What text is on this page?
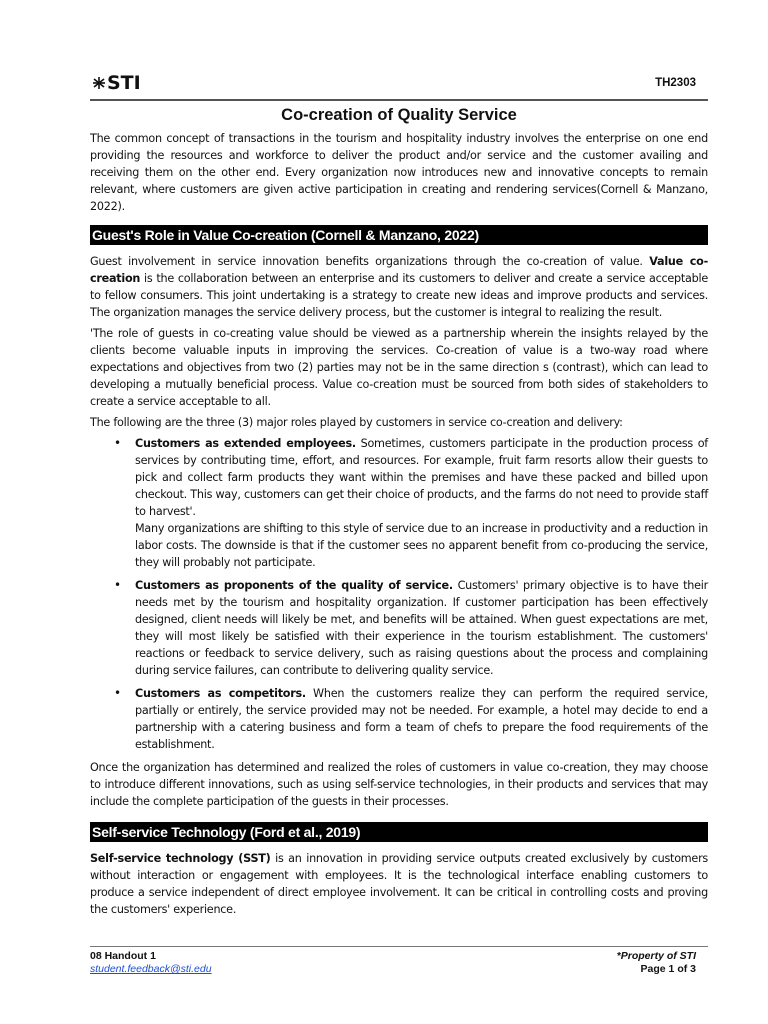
STI	TH2303
Co-creation of Quality Service

The common concept of transactions in the tourism and hospitality industry involves the enterprise on one end providing the resources and workforce to deliver the product and/or service and the customer availing and receiving them on the other end. Every organization now introduces new and innovative concepts to remain relevant, where customers are given active participation in creating and rendering services(Cornell & Manzano, 2022).

Guest's Role in Value Co-creation (Cornell & Manzano, 2022)

Guest involvement in service innovation benefits organizations through the co-creation of value. Value co-creation is the collaboration between an enterprise and its customers to deliver and create a service acceptable to fellow consumers. This joint undertaking is a strategy to create new ideas and improve products and services. The organization manages the service delivery process, but the customer is integral to realizing the result.

'The role of guests in co-creating value should be viewed as a partnership wherein the insights relayed by the clients become valuable inputs in improving the services. Co-creation of value is a two-way road where expectations and objectives from two (2) parties may not be in the same direction s (contrast), which can lead to developing a mutually beneficial process. Value co-creation must be sourced from both sides of stakeholders to create a service acceptable to all.

The following are the three (3) major roles played by customers in service co-creation and delivery:

• Customers as extended employees. Sometimes, customers participate in the production process of services by contributing time, effort, and resources. For example, fruit farm resorts allow their guests to pick and collect farm products they want within the premises and have these packed and billed upon checkout. This way, customers can get their choice of products, and the farms do not need to provide staff to harvest'.
Many organizations are shifting to this style of service due to an increase in productivity and a reduction in labor costs. The downside is that if the customer sees no apparent benefit from co-producing the service, they will probably not participate.
• Customers as proponents of the quality of service. Customers' primary objective is to have their needs met by the tourism and hospitality organization. If customer participation has been effectively designed, client needs will likely be met, and benefits will be attained. When guest expectations are met, they will most likely be satisfied with their experience in the tourism establishment. The customers' reactions or feedback to service delivery, such as raising questions about the process and complaining during service failures, can contribute to delivering quality service.
• Customers as competitors. When the customers realize they can perform the required service, partially or entirely, the service provided may not be needed. For example, a hotel may decide to end a partnership with a catering business and form a team of chefs to prepare the food requirements of the establishment.

Once the organization has determined and realized the roles of customers in value co-creation, they may choose to introduce different innovations, such as using self-service technologies, in their products and services that may include the complete participation of the guests in their processes.

Self-service Technology (Ford et al., 2019)

Self-service technology (SST) is an innovation in providing service outputs created exclusively by customers without interaction or engagement with employees. It is the technological interface enabling customers to produce a service independent of direct employee involvement. It can be critical in controlling costs and proving the customers' experience.

08 Handout 1
student.feedback@sti.edu
*Property of STI
Page 1 of 3
